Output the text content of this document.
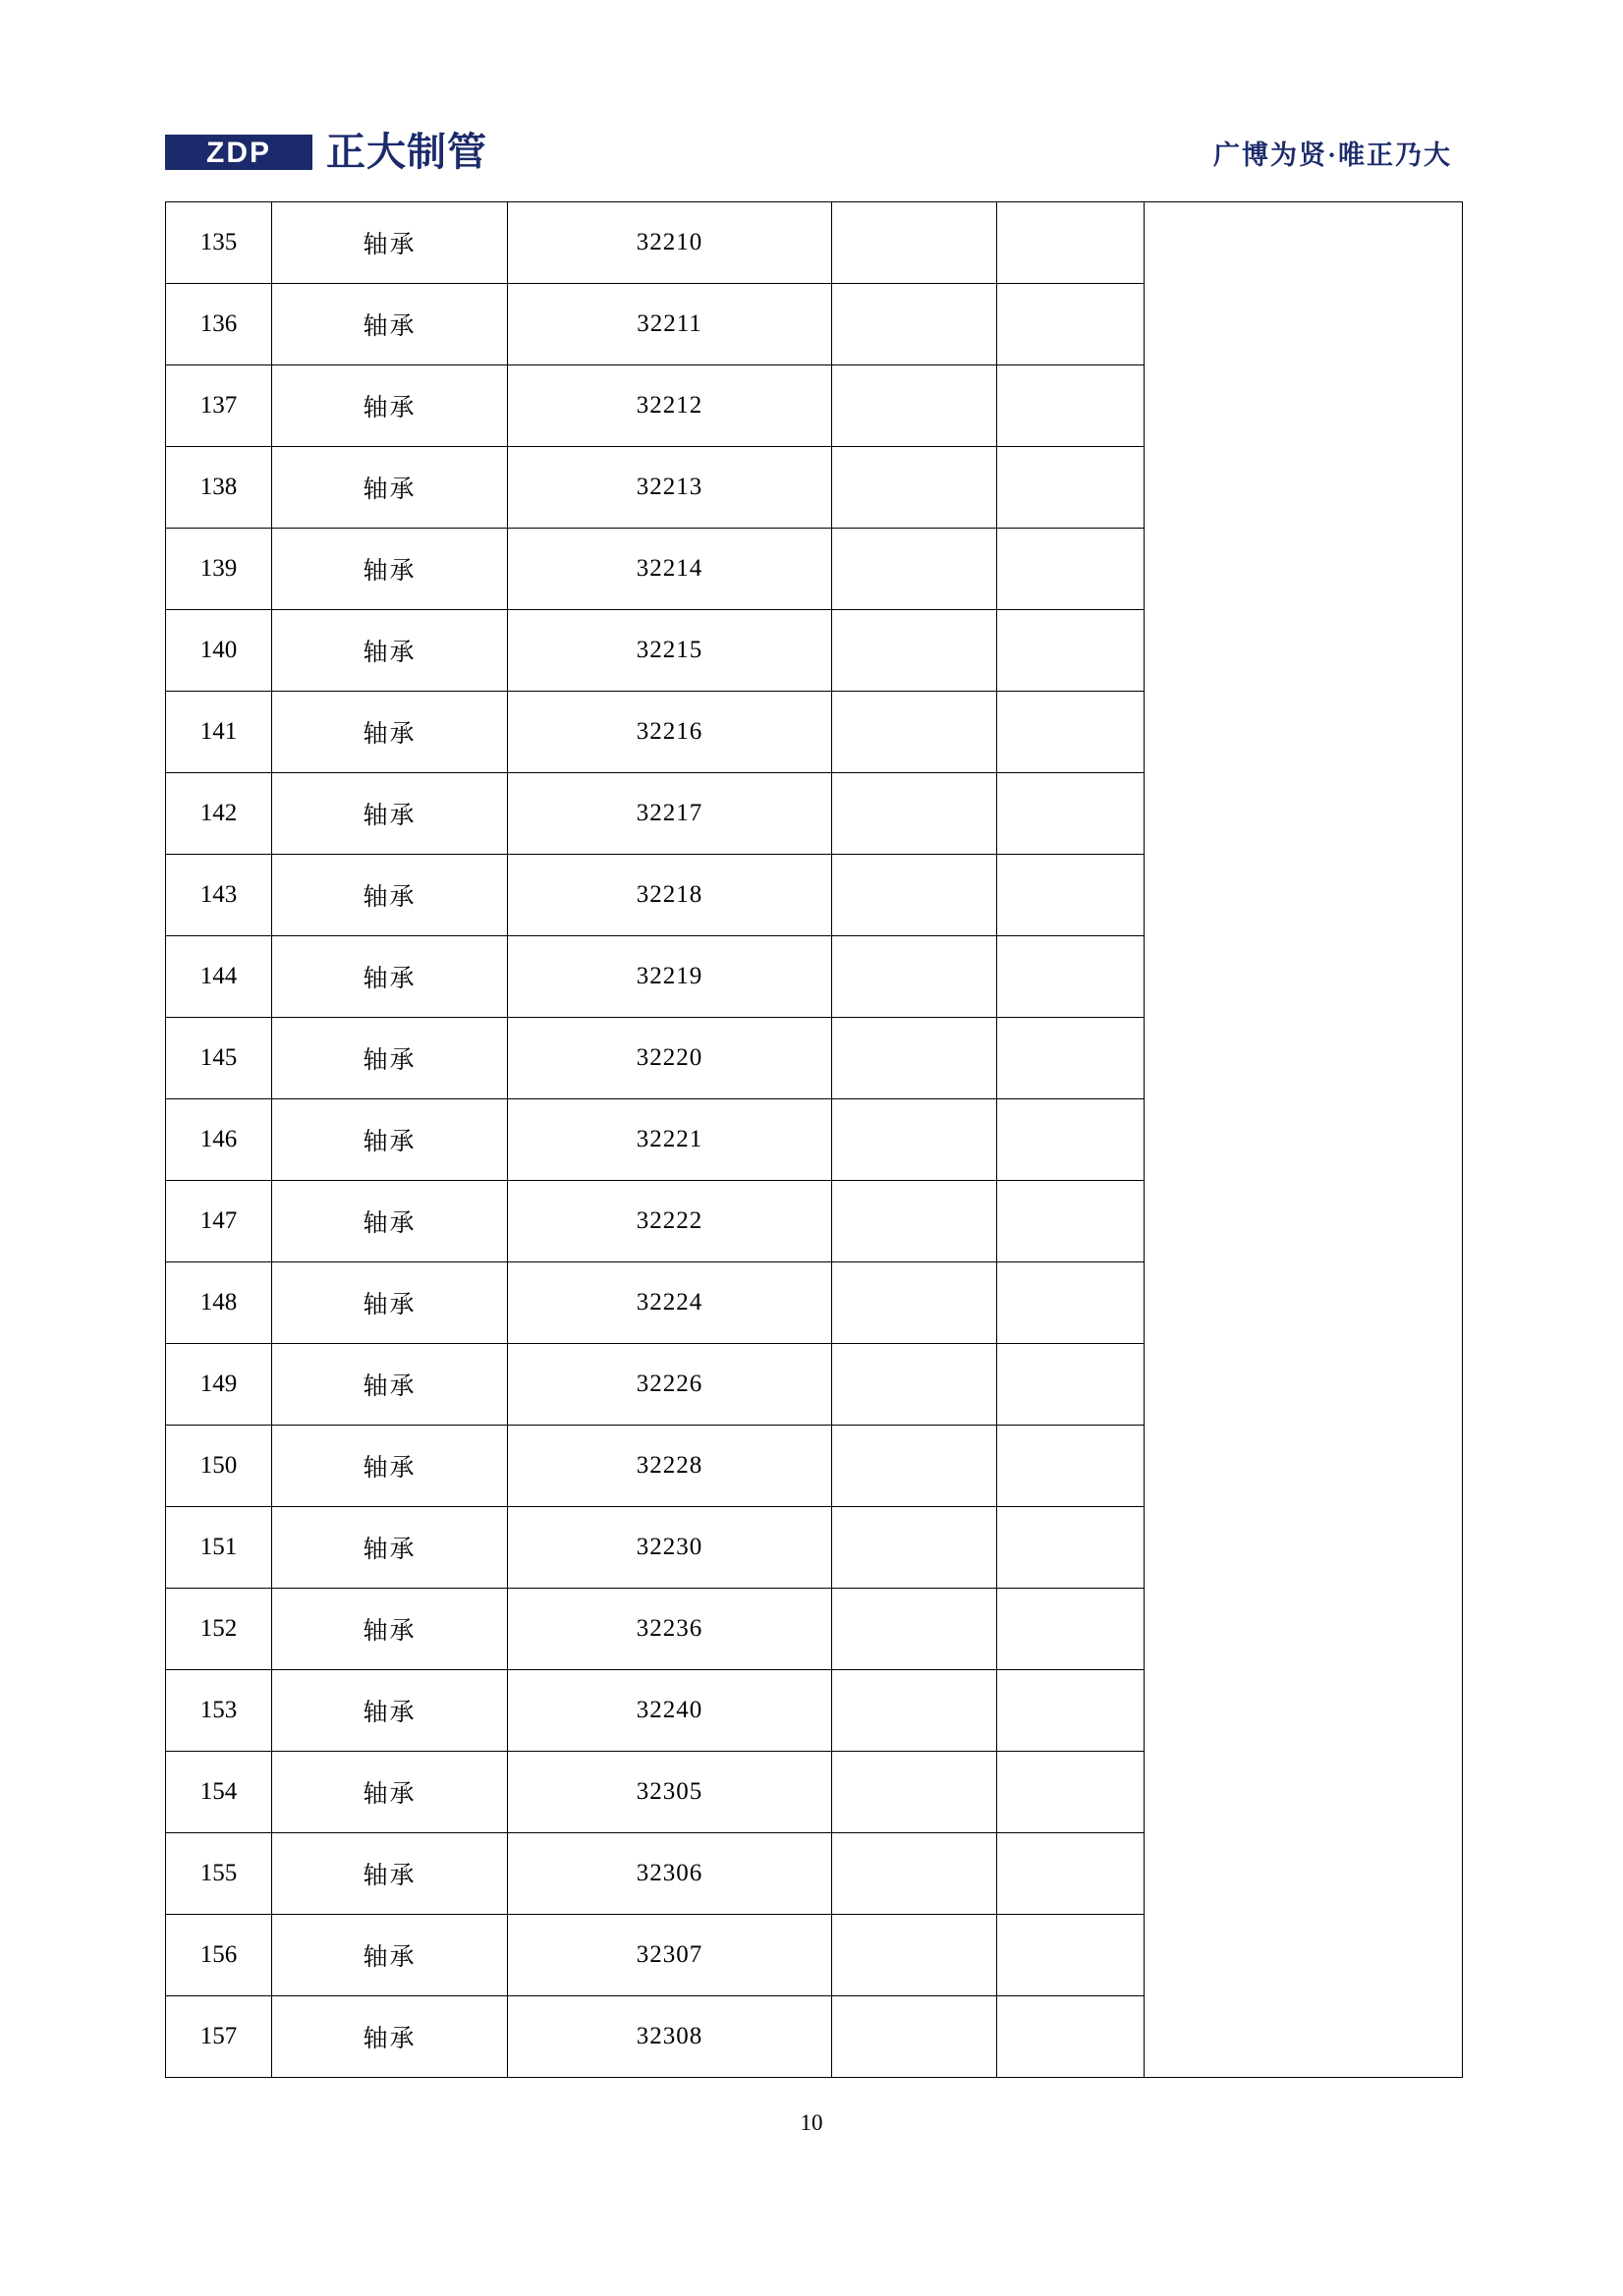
ZDP 正大制管	广博为贤·唯正乃大
135	轴承	32210			
136	轴承	32211			
137	轴承	32212			
138	轴承	32213			
139	轴承	32214			
140	轴承	32215			
141	轴承	32216			
142	轴承	32217			
143	轴承	32218			
144	轴承	32219			
145	轴承	32220			
146	轴承	32221			
147	轴承	32222			
148	轴承	32224			
149	轴承	32226			
150	轴承	32228			
151	轴承	32230			
152	轴承	32236			
153	轴承	32240			
154	轴承	32305			
155	轴承	32306			
156	轴承	32307			
157	轴承	32308			
10
